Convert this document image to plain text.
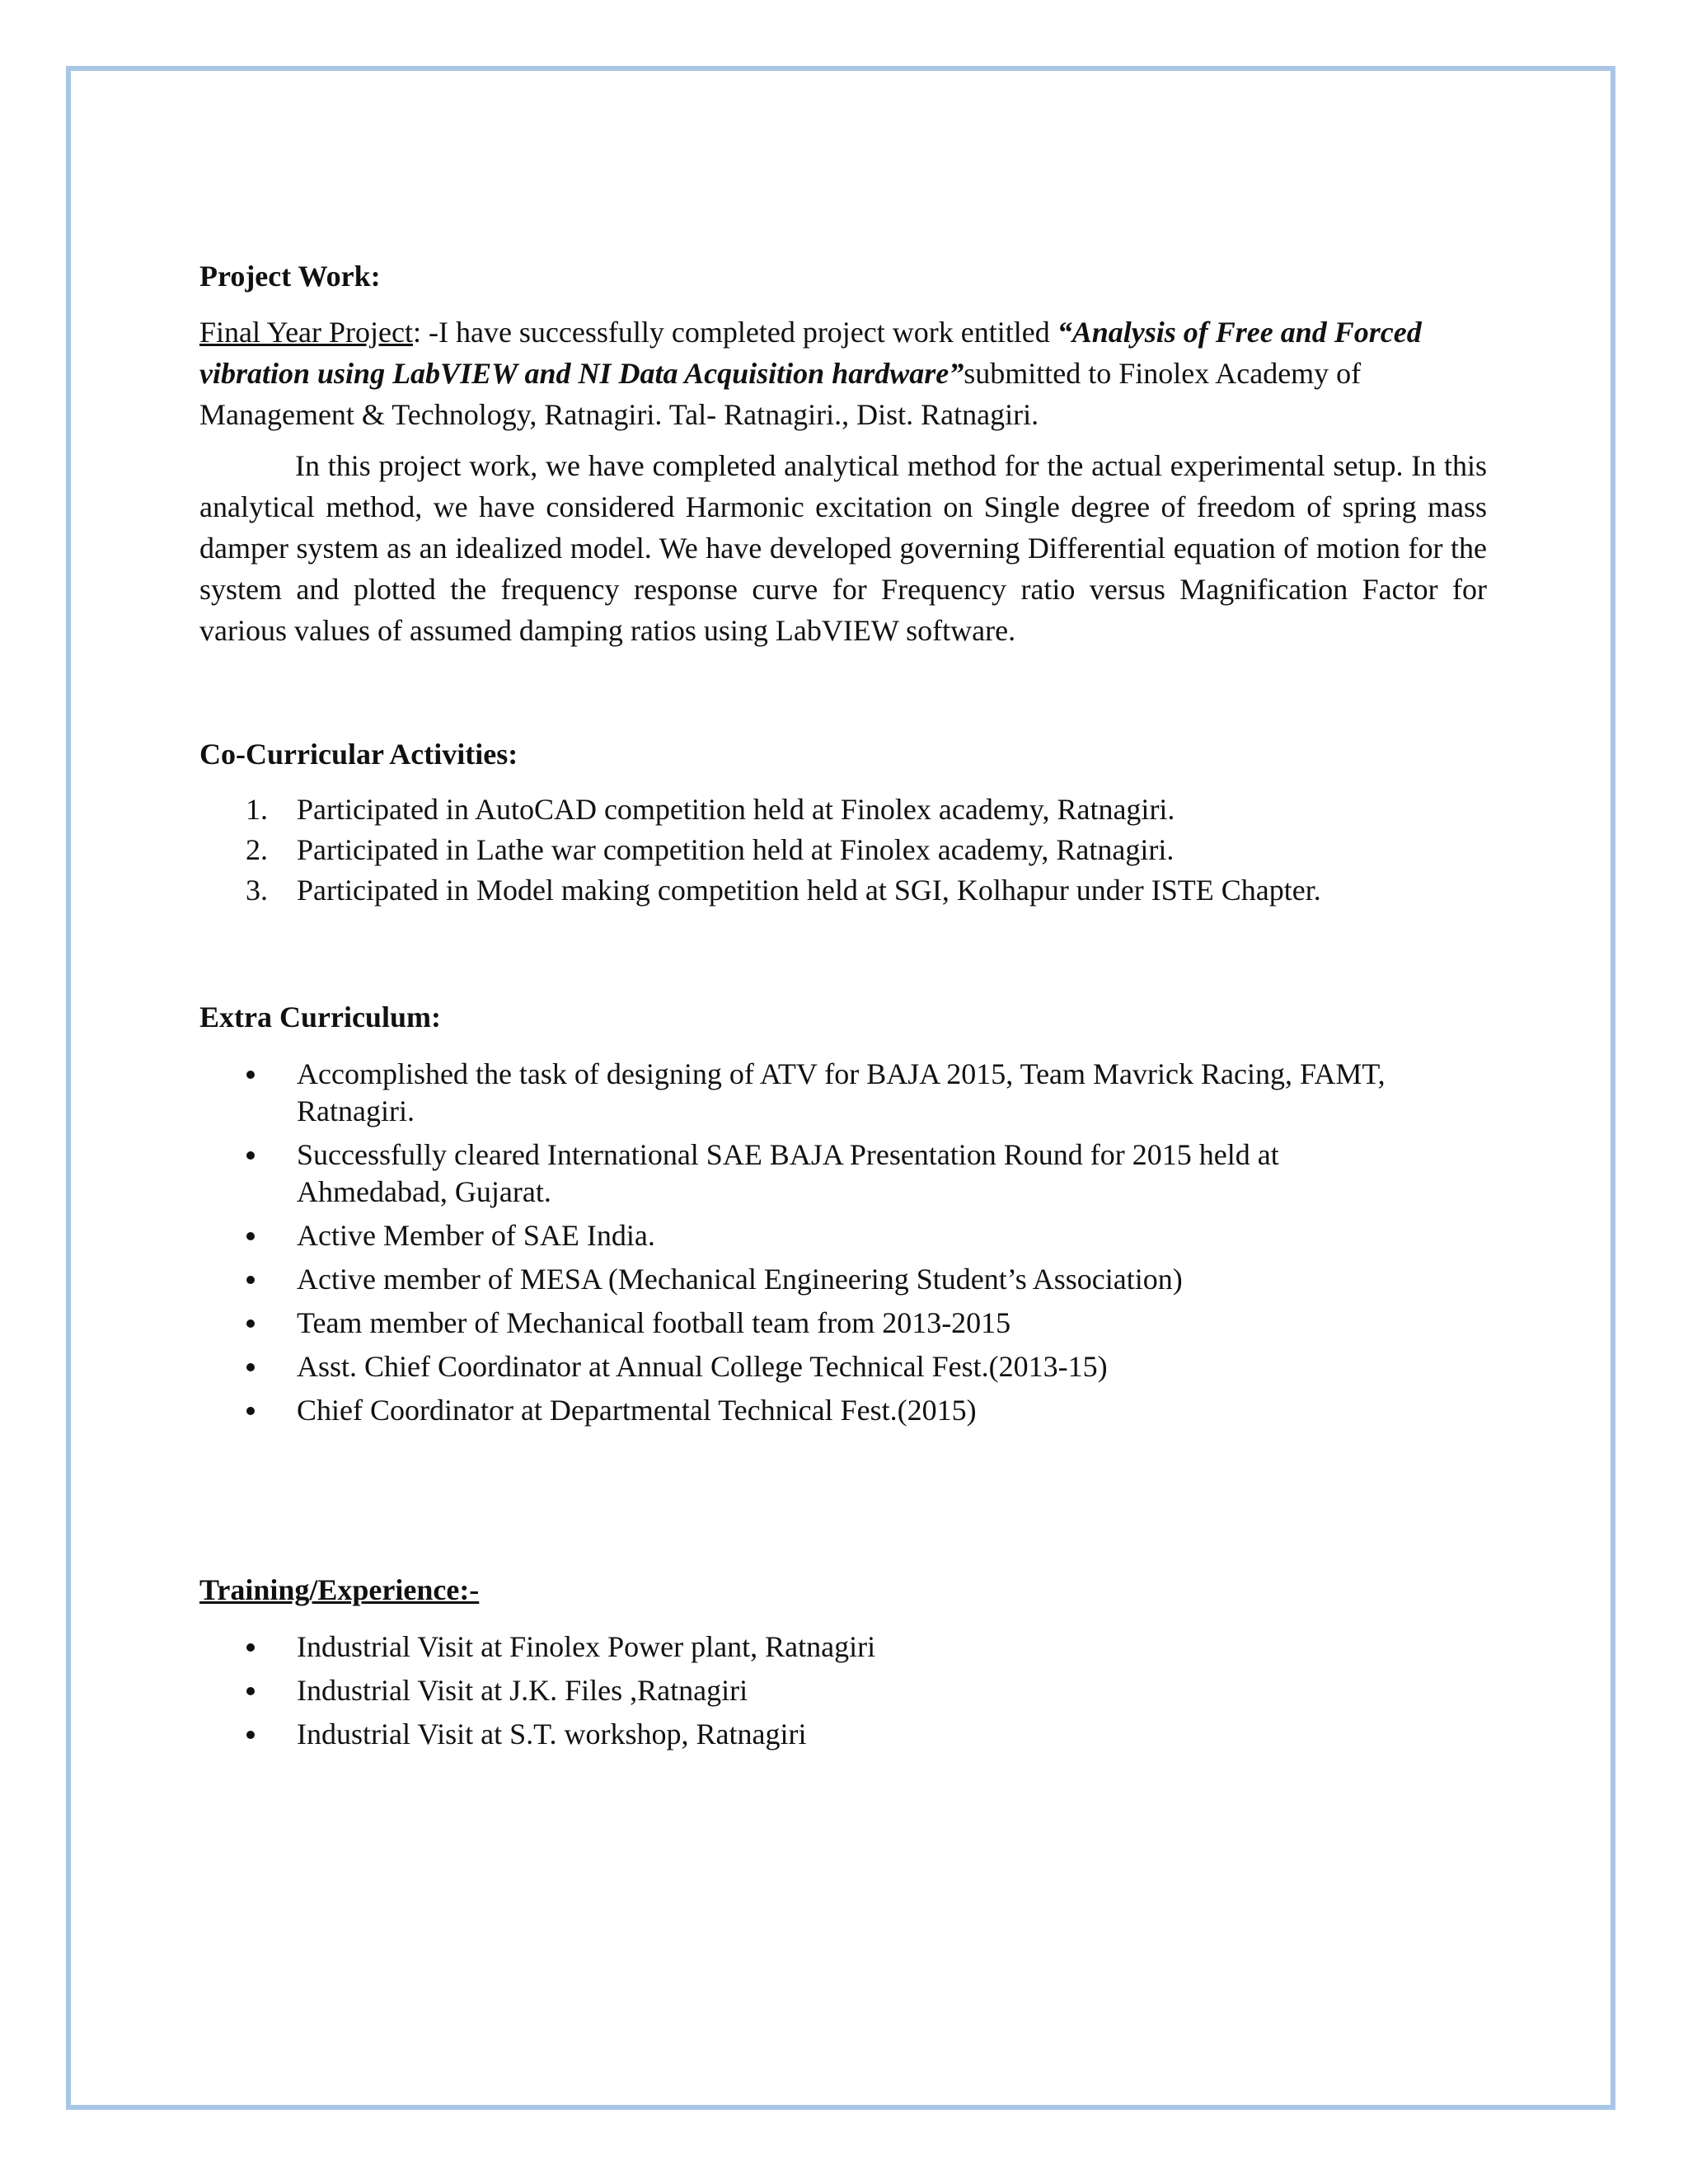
Project Work:

Final Year Project: -I have successfully completed project work entitled “Analysis of Free and Forced vibration using LabVIEW and NI Data Acquisition hardware”submitted to Finolex Academy of Management & Technology, Ratnagiri. Tal- Ratnagiri., Dist. Ratnagiri.

In this project work, we have completed analytical method for the actual experimental setup. In this analytical method, we have considered Harmonic excitation on Single degree of freedom of spring mass damper system as an idealized model. We have developed governing Differential equation of motion for the system and plotted the frequency response curve for Frequency ratio versus Magnification Factor for various values of assumed damping ratios using LabVIEW software.

Co-Curricular Activities:
1. Participated in AutoCAD competition held at Finolex academy, Ratnagiri.
2. Participated in Lathe war competition held at Finolex academy, Ratnagiri.
3. Participated in Model making competition held at SGI, Kolhapur under ISTE Chapter.
Extra Curriculum:
Accomplished the task of designing of ATV for BAJA 2015, Team Mavrick Racing, FAMT, Ratnagiri.
Successfully cleared International SAE BAJA Presentation Round for 2015 held at Ahmedabad, Gujarat.
Active Member of SAE India.
Active member of MESA (Mechanical Engineering Student’s Association)
Team member of Mechanical football team from 2013-2015
Asst. Chief Coordinator at Annual College Technical Fest.(2013-15)
Chief Coordinator at Departmental Technical Fest.(2015)
Training/Experience:-
Industrial Visit at Finolex Power plant, Ratnagiri
Industrial Visit at J.K. Files ,Ratnagiri
Industrial Visit at S.T. workshop, Ratnagiri
